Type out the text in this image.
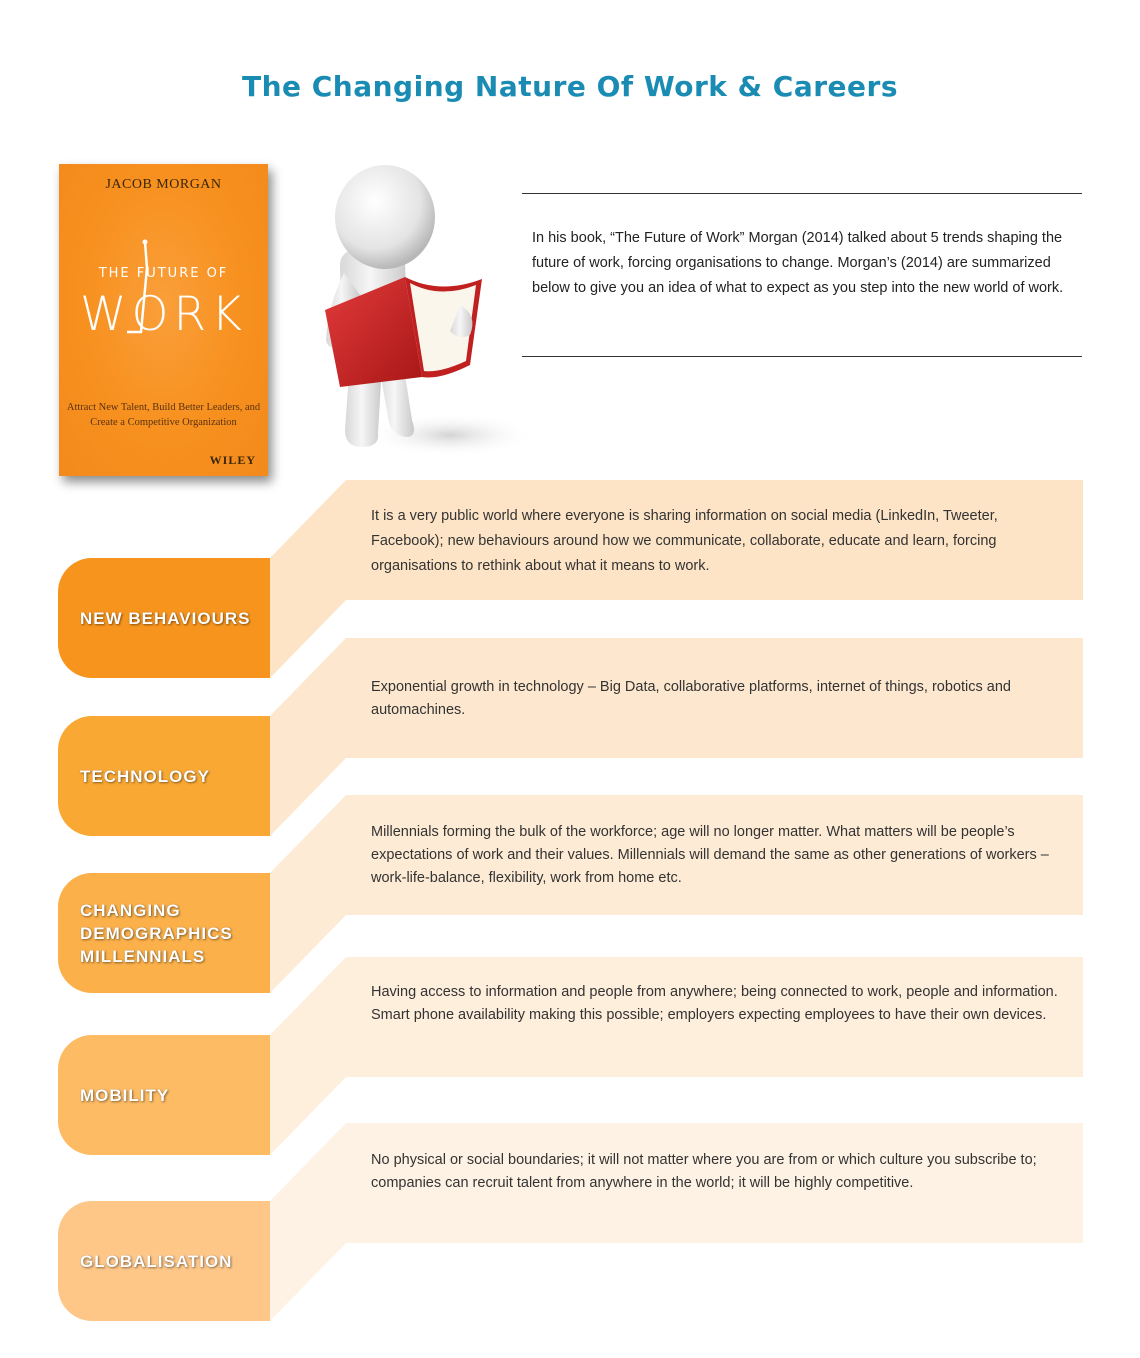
The Changing Nature Of Work & Careers
JACOB MORGAN
THE FUTURE OF
WORK
Attract New Talent, Build Better Leaders, and Create a Competitive Organization
WILEY
In his book, “The Future of Work” Morgan (2014) talked about 5 trends shaping the future of work, forcing organisations to change. Morgan’s (2014) are summarized below to give you an idea of what to expect as you step into the new world of work.
NEW BEHAVIOURS
It is a very public world where everyone is sharing information on social media (LinkedIn, Tweeter, Facebook); new behaviours around how we communicate, collaborate, educate and learn, forcing organisations to rethink about what it means to work.
TECHNOLOGY
Exponential growth in technology – Big Data, collaborative platforms, internet of things, robotics and automachines.
CHANGING DEMOGRAPHICS MILLENNIALS
Millennials forming the bulk of the workforce; age will no longer matter. What matters will be people’s expectations of work and their values. Millennials will demand the same as other generations of workers – work-life-balance, flexibility, work from home etc.
MOBILITY
Having access to information and people from anywhere; being connected to work, people and information. Smart phone availability making this possible; employers expecting employees to have their own devices.
GLOBALISATION
No physical or social boundaries; it will not matter where you are from or which culture you subscribe to; companies can recruit talent from anywhere in the world; it will be highly competitive.
